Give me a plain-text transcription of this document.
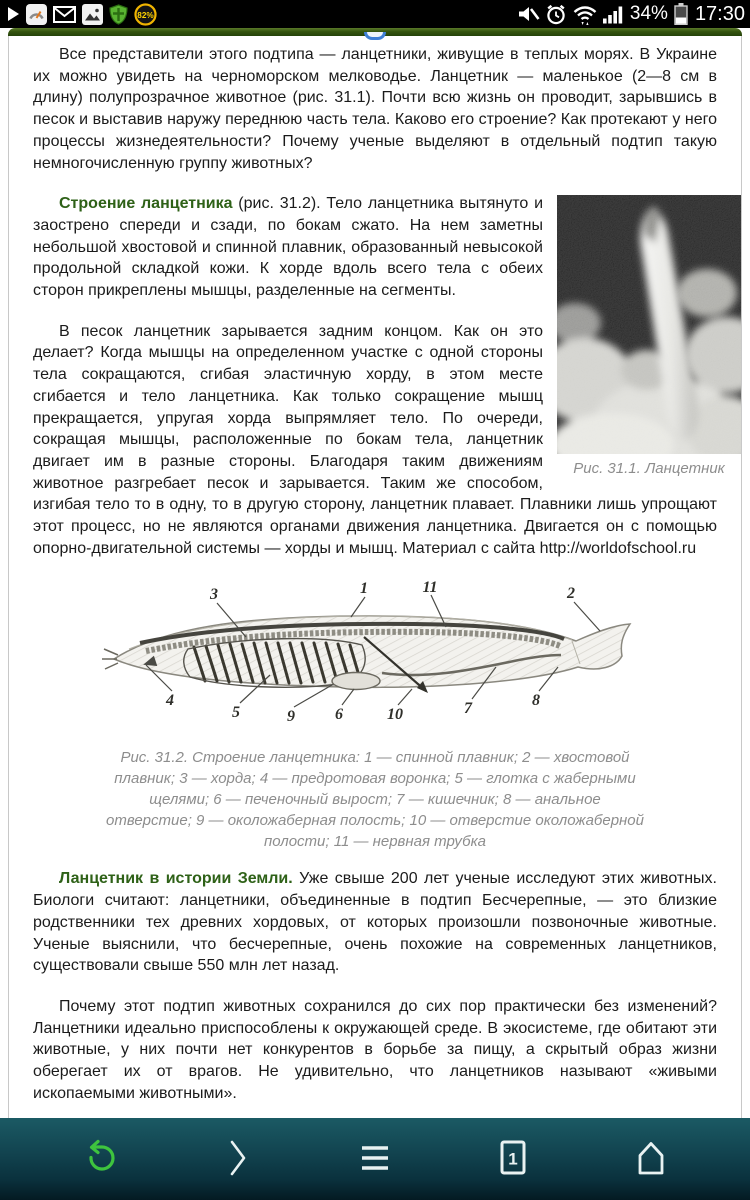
82%	34% 17:30

Все представители этого подтипа — ланцетники, живущие в теплых морях. В Украине их можно увидеть на черноморском мелководье. Ланцетник — маленькое (2—8 см в длину) полупрозрачное животное (рис. 31.1). Почти всю жизнь он проводит, зарывшись в песок и выставив наружу переднюю часть тела. Каково его строение? Как протекают у него процессы жизнедеятельности? Почему ученые выделяют в отдельный подтип такую немногочисленную группу животных?

Рис. 31.1. Ланцетник

Строение ланцетника (рис. 31.2). Тело ланцетника вытянуто и заострено спереди и сзади, по бокам сжато. На нем заметны небольшой хвостовой и спинной плавник, образованный невысокой продольной складкой кожи. К хорде вдоль всего тела с обеих сторон прикреплены мышцы, разделенные на сегменты.

В песок ланцетник зарывается задним концом. Как он это делает? Когда мышцы на определенном участке с одной стороны тела сокращаются, сгибая эластичную хорду, в этом месте сгибается и тело ланцетника. Как только сокращение мышц прекращается, упругая хорда выпрямляет тело. По очереди, сокращая мышцы, расположенные по бокам тела, ланцетник двигает им в разные стороны. Благодаря таким движениям животное разгребает песок и зарывается. Таким же способом, изгибая тело то в одну, то в другую сторону, ланцетник плавает. Плавники лишь упрощают этот процесс, но не являются органами движения ланцетника. Двигается он с помощью опорно-двигательной системы — хорды и мышц. Материал с сайта http://worldofschool.ru

3	1	11	2
4
5	9	6	10	7	8
Рис. 31.2. Строение ланцетника: 1 — спинной плавник; 2 — хвостовой плавник; 3 — хорда; 4 — предротовая воронка; 5 — глотка с жаберными щелями; 6 — печеночный вырост; 7 — кишечник; 8 — анальное отверстие; 9 — околожаберная полость; 10 — отверстие околожаберной полости; 11 — нервная трубка

Ланцетник в истории Земли. Уже свыше 200 лет ученые исследуют этих животных. Биологи считают: ланцетники, объединенные в подтип Бесчерепные, — это близкие родственники тех древних хордовых, от которых произошли позвоночные животные. Ученые выяснили, что бесчерепные, очень похожие на современных ланцетников, существовали свыше 550 млн лет назад.

Почему этот подтип животных сохранился до сих пор практически без изменений? Ланцетники идеально приспособлены к окружающей среде. В экосистеме, где обитают эти животные, у них почти нет конкурентов в борьбе за пищу, а скрытый образ жизни оберегает их от врагов. Не удивительно, что ланцетников называют «живыми ископаемыми животными».

1
